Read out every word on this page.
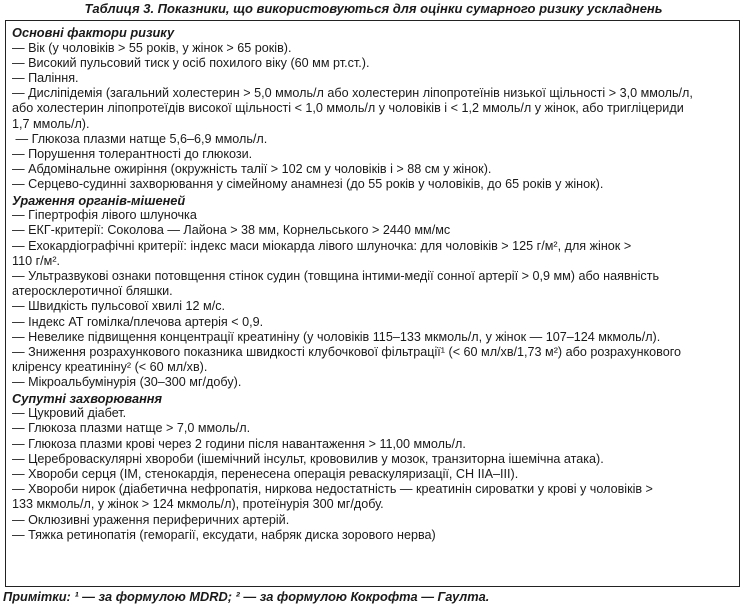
Таблиця 3. Показники, що використовуються для оцінки сумарного ризику ускладнень
Основні фактори ризику
— Вік (у чоловіків > 55 років, у жінок > 65 років).
— Високий пульсовий тиск у осіб похилого віку (60 мм рт.ст.).
— Паління.
— Дисліпідемія (загальний холестерин > 5,0 ммоль/л або холестерин ліпопротеїнів низької щільності > 3,0 ммоль/л, або холестерин ліпопротеїдів високої щільності < 1,0 ммоль/л у чоловіків і < 1,2 ммоль/л у жінок, або тригліцериди 1,7 ммоль/л).
— Глюкоза плазми натще 5,6–6,9 ммоль/л.
— Порушення толерантності до глюкози.
— Абдомінальне ожиріння (окружність талії > 102 см у чоловіків і > 88 см у жінок).
— Серцево-судинні захворювання у сімейному анамнезі (до 55 років у чоловіків, до 65 років у жінок).
Ураження органів-мішеней
— Гіпертрофія лівого шлуночка
— ЕКГ-критерії: Соколова — Лайона > 38 мм, Корнельського > 2440 мм/мс
— Ехокардіографічні критерії: індекс маси міокарда лівого шлуночка: для чоловіків > 125 г/м², для жінок > 110 г/м².
— Ультразвукові ознаки потовщення стінок судин (товщина інтими-медії сонної артерії > 0,9 мм) або наявність атеросклеротичної бляшки.
— Швидкість пульсової хвилі 12 м/с.
— Індекс АТ гомілка/плечова артерія < 0,9.
— Невелике підвищення концентрації креатиніну (у чоловіків 115–133 мкмоль/л, у жінок — 107–124 мкмоль/л).
— Зниження розрахункового показника швидкості клубочкової фільтрації¹ (< 60 мл/хв/1,73 м²) або розрахункового кліренсу креатиніну² (< 60 мл/хв).
— Мікроальбумінурія (30–300 мг/добу).
Супутні захворювання
— Цукровий діабет.
— Глюкоза плазми натще > 7,0 ммоль/л.
— Глюкоза плазми крові через 2 години після навантаження > 11,00 ммоль/л.
— Цереброваскулярні хвороби (ішемічний інсульт, крововилив у мозок, транзиторна ішемічна атака).
— Хвороби серця (ІМ, стенокардія, перенесена операція реваскуляризації, СН IIA–III).
— Хвороби нирок (діабетична нефропатія, ниркова недостатність — креатинін сироватки у крові у чоловіків > 133 мкмоль/л, у жінок > 124 мкмоль/л), протеїнурія 300 мг/добу.
— Оклюзивні ураження периферичних артерій.
— Тяжка ретинопатія (геморагії, ексудати, набряк диска зорового нерва)
Примітки: ¹ — за формулою MDRD; ² — за формулою Кокрофта — Гаулта.
